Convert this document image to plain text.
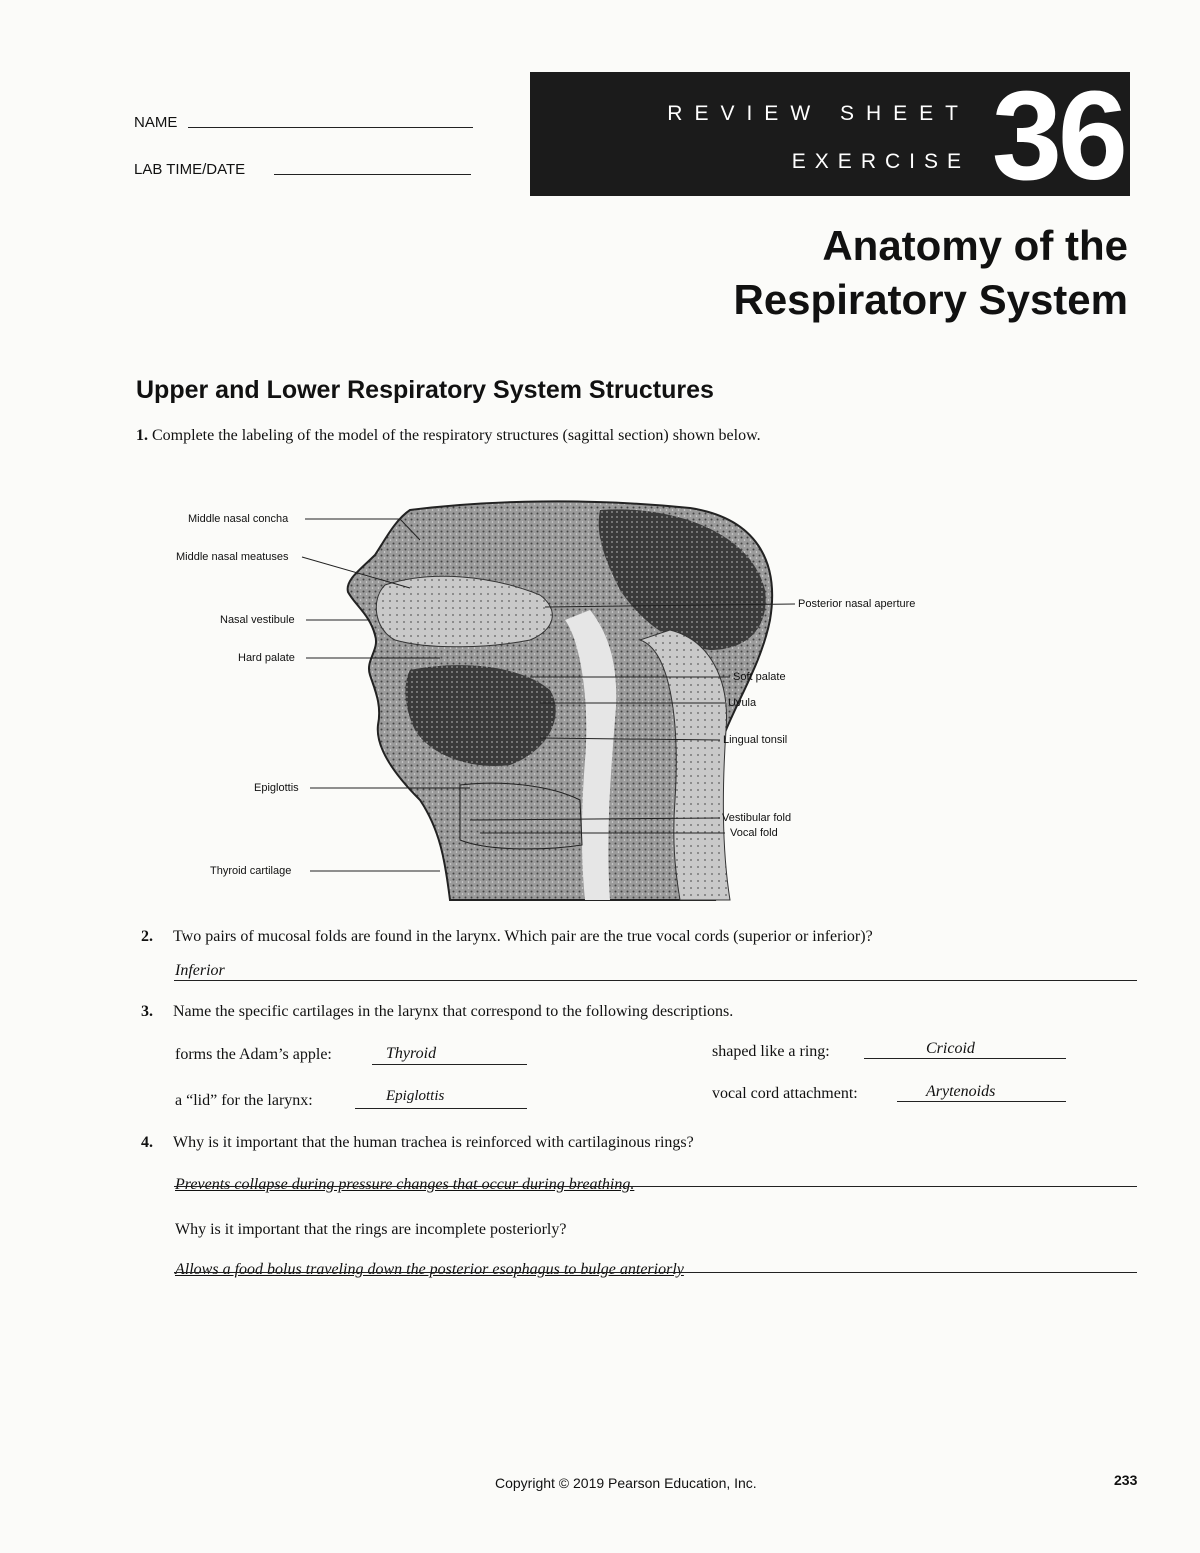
NAME
LAB TIME/DATE
REVIEW SHEET
EXERCISE 36
Anatomy of the
Respiratory System
Upper and Lower Respiratory System Structures
1. Complete the labeling of the model of the respiratory structures (sagittal section) shown below.
Middle nasal concha
Middle nasal meatuses
Nasal vestibule
Hard palate
Epiglottis
Thyroid cartilage
Posterior nasal aperture
Soft palate
Uvula
Lingual tonsil
Vestibular fold
Vocal fold
2. Two pairs of mucosal folds are found in the larynx. Which pair are the true vocal cords (superior or inferior)?
Inferior
3. Name the specific cartilages in the larynx that correspond to the following descriptions.
forms the Adam’s apple:	Thyroid	shaped like a ring:	Cricoid
a “lid” for the larynx:	Epiglottis	vocal cord attachment:	Arytenoids
4. Why is it important that the human trachea is reinforced with cartilaginous rings?
Prevents collapse during pressure changes that occur during breathing.
Why is it important that the rings are incomplete posteriorly?
Allows a food bolus traveling down the posterior esophagus to bulge anteriorly
Copyright © 2019 Pearson Education, Inc.	233
